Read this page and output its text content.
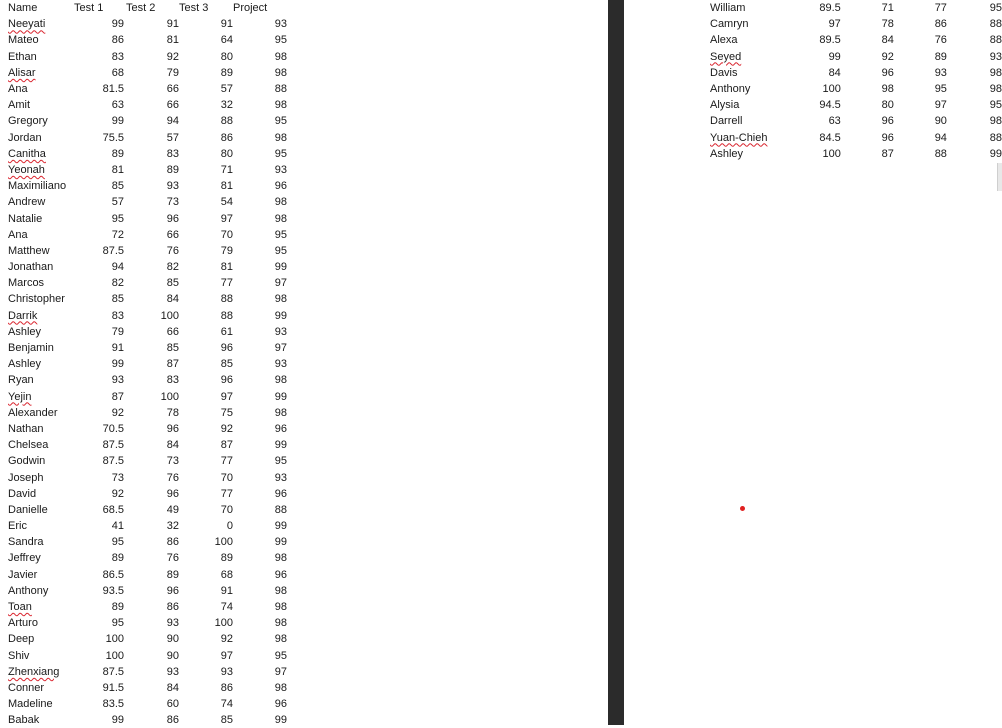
Name	Test 1	Test 2	Test 3	Project
Neeyati	99	91	91	93
Mateo	86	81	64	95
Ethan	83	92	80	98
Alisar	68	79	89	98
Ana	81.5	66	57	88
Amit	63	66	32	98
Gregory	99	94	88	95
Jordan	75.5	57	86	98
Canitha	89	83	80	95
Yeonah	81	89	71	93
Maximiliano	85	93	81	96
Andrew	57	73	54	98
Natalie	95	96	97	98
Ana	72	66	70	95
Matthew	87.5	76	79	95
Jonathan	94	82	81	99
Marcos	82	85	77	97
Christopher	85	84	88	98
Darrik	83	100	88	99
Ashley	79	66	61	93
Benjamin	91	85	96	97
Ashley	99	87	85	93
Ryan	93	83	96	98
Yejin	87	100	97	99
Alexander	92	78	75	98
Nathan	70.5	96	92	96
Chelsea	87.5	84	87	99
Godwin	87.5	73	77	95
Joseph	73	76	70	93
David	92	96	77	96
Danielle	68.5	49	70	88
Eric	41	32	0	99
Sandra	95	86	100	99
Jeffrey	89	76	89	98
Javier	86.5	89	68	96
Anthony	93.5	96	91	98
Toan	89	86	74	98
Arturo	95	93	100	98
Deep	100	90	92	98
Shiv	100	90	97	95
Zhenxiang	87.5	93	93	97
Conner	91.5	84	86	98
Madeline	83.5	60	74	96
Babak	99	86	85	99
William	89.5	71	77	95
Camryn	97	78	86	88
Alexa	89.5	84	76	88
Seyed	99	92	89	93
Davis	84	96	93	98
Anthony	100	98	95	98
Alysia	94.5	80	97	95
Darrell	63	96	90	98
Yuan-Chieh	84.5	96	94	88
Ashley	100	87	88	99
